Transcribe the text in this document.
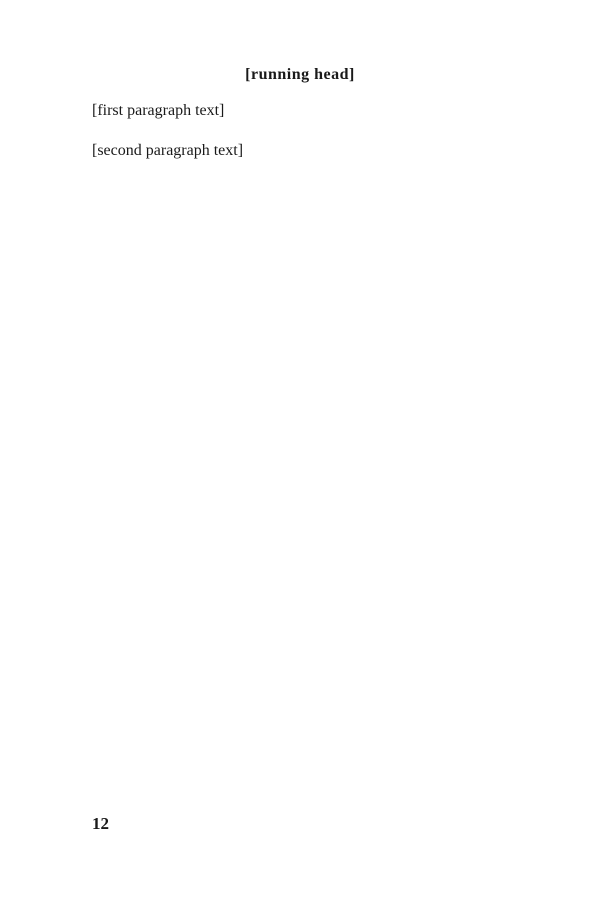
[running head]

[first paragraph text]

[second paragraph text]

12
